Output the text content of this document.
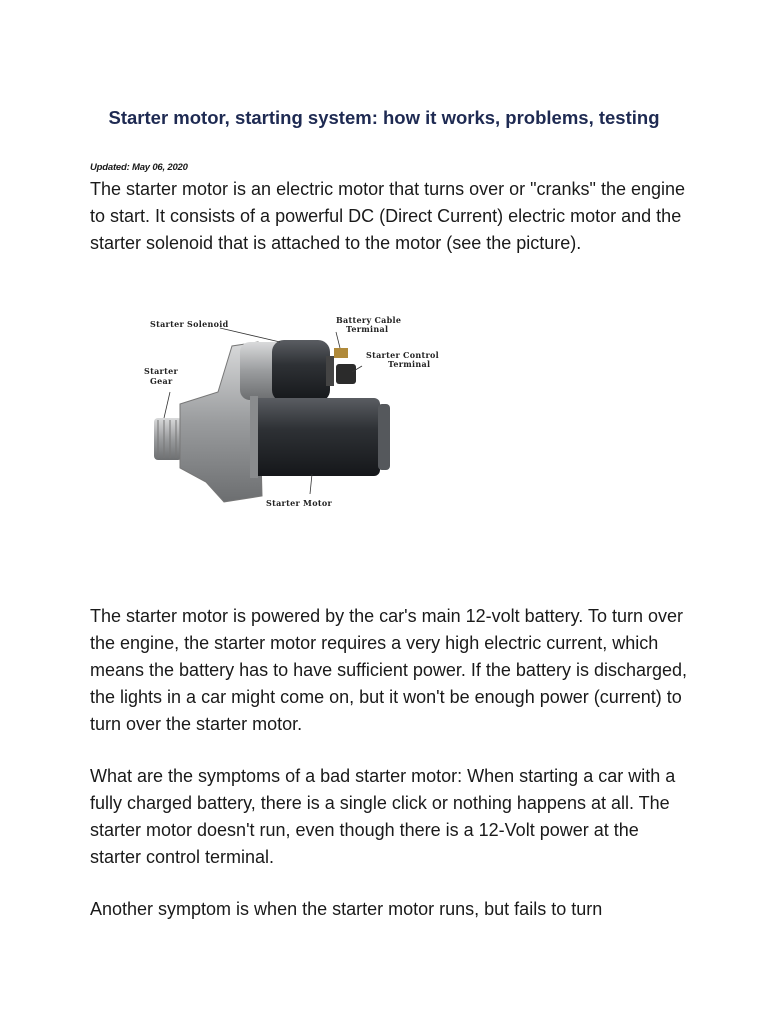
Starter motor, starting system: how it works, problems, testing
Updated: May 06, 2020

The starter motor is an electric motor that turns over or "cranks" the engine to start. It consists of a powerful DC (Direct Current) electric motor and the starter solenoid that is attached to the motor (see the picture).

Starter Solenoid	Battery Cable
Terminal
Starter Control
Terminal
Starter
Gear
Starter Motor

The starter motor is powered by the car's main 12-volt battery. To turn over the engine, the starter motor requires a very high electric current, which means the battery has to have sufficient power. If the battery is discharged, the lights in a car might come on, but it won't be enough power (current) to turn over the starter motor.

What are the symptoms of a bad starter motor: When starting a car with a fully charged battery, there is a single click or nothing happens at all. The starter motor doesn't run, even though there is a 12-Volt power at the starter control terminal.

Another symptom is when the starter motor runs, but fails to turn
